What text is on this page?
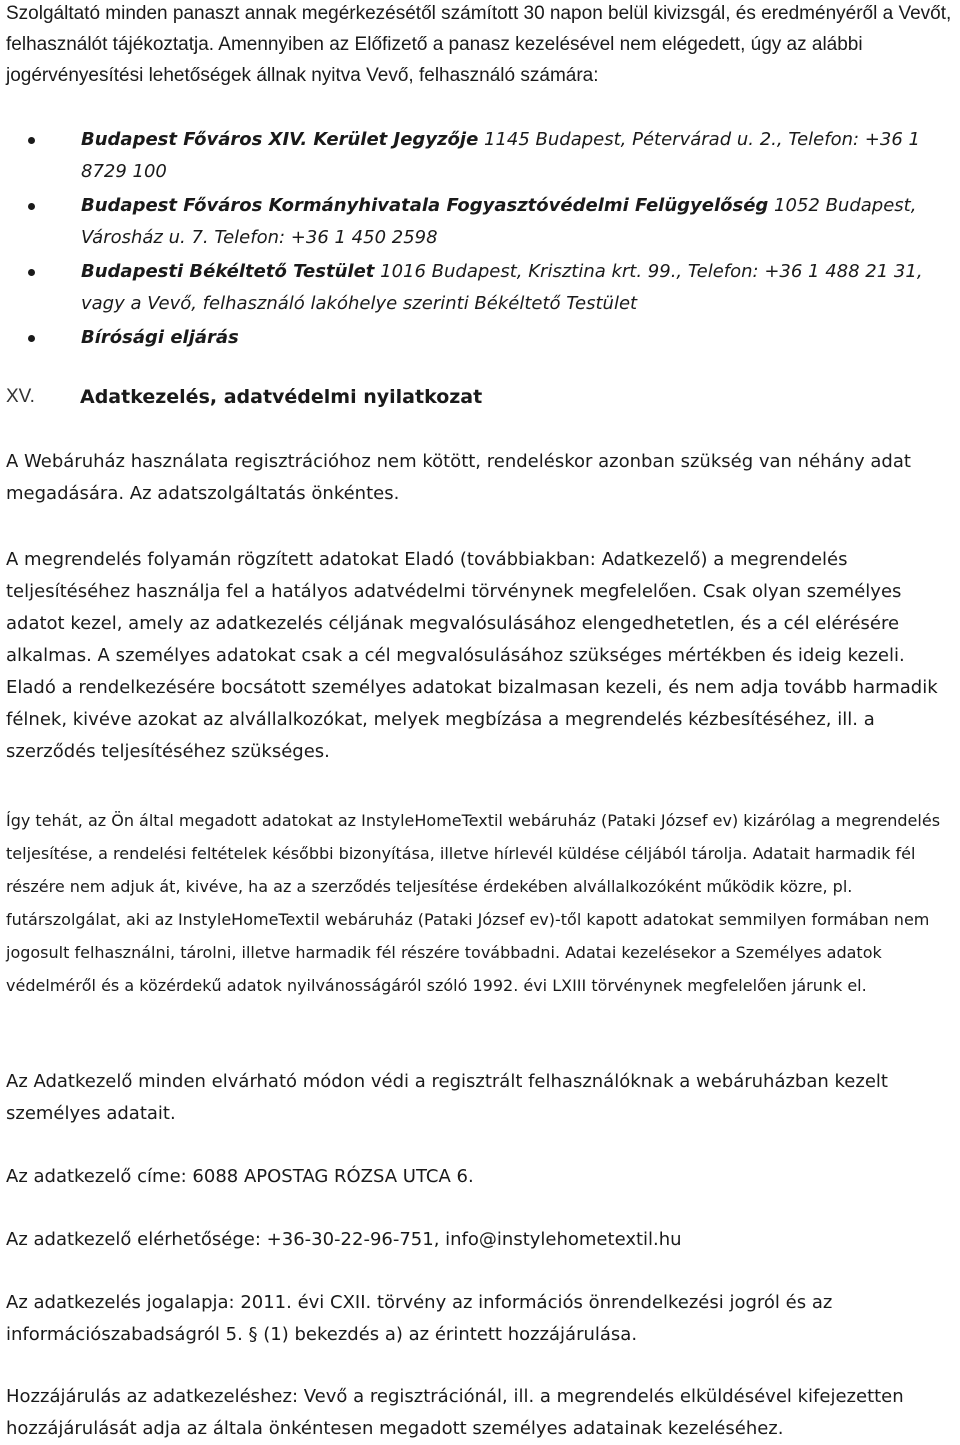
Szolgáltató minden panaszt annak megérkezésétől számított 30 napon belül kivizsgál, és eredményéről a Vevőt, felhasználót tájékoztatja. Amennyiben az Előfizető a panasz kezelésével nem elégedett, úgy az alábbi jogérvényesítési lehetőségek állnak nyitva Vevő, felhasználó számára:

Budapest Főváros XIV. Kerület Jegyzője 1145 Budapest, Pétervárad u. 2., Telefon: +36 1 8729 100
Budapest Főváros Kormányhivatala Fogyasztóvédelmi Felügyelőség 1052 Budapest, Városház u. 7. Telefon: +36 1 450 2598
Budapesti Békéltető Testület 1016 Budapest, Krisztina krt. 99., Telefon: +36 1 488 21 31, vagy a Vevő, felhasználó lakóhelye szerinti Békéltető Testület
Bírósági eljárás
XV. Adatkezelés, adatvédelmi nyilatkozat

A Webáruház használata regisztrációhoz nem kötött, rendeléskor azonban szükség van néhány adat megadására. Az adatszolgáltatás önkéntes.

A megrendelés folyamán rögzített adatokat Eladó (továbbiakban: Adatkezelő) a megrendelés teljesítéséhez használja fel a hatályos adatvédelmi törvénynek megfelelően. Csak olyan személyes adatot kezel, amely az adatkezelés céljának megvalósulásához elengedhetetlen, és a cél elérésére alkalmas. A személyes adatokat csak a cél megvalósulásához szükséges mértékben és ideig kezeli. Eladó a rendelkezésére bocsátott személyes adatokat bizalmasan kezeli, és nem adja tovább harmadik félnek, kivéve azokat az alvállalkozókat, melyek megbízása a megrendelés kézbesítéséhez, ill. a szerződés teljesítéséhez szükséges.

Így tehát, az Ön által megadott adatokat az InstyleHomeTextil webáruház (Pataki József ev) kizárólag a megrendelés teljesítése, a rendelési feltételek későbbi bizonyítása, illetve hírlevél küldése céljából tárolja. Adatait harmadik fél részére nem adjuk át, kivéve, ha az a szerződés teljesítése érdekében alvállalkozóként működik közre, pl. futárszolgálat, aki az InstyleHomeTextil webáruház (Pataki József ev)-től kapott adatokat semmilyen formában nem jogosult felhasználni, tárolni, illetve harmadik fél részére továbbadni. Adatai kezelésekor a Személyes adatok védelméről és a közérdekű adatok nyilvánosságáról szóló 1992. évi LXIII törvénynek megfelelően járunk el.

Az Adatkezelő minden elvárható módon védi a regisztrált felhasználóknak a webáruházban kezelt személyes adatait.

Az adatkezelő címe: 6088 APOSTAG RÓZSA UTCA 6.

Az adatkezelő elérhetősége: +36-30-22-96-751, info@instylehometextil.hu

Az adatkezelés jogalapja: 2011. évi CXII. törvény az információs önrendelkezési jogról és az információszabadságról 5. § (1) bekezdés a) az érintett hozzájárulása.

Hozzájárulás az adatkezeléshez: Vevő a regisztrációnál, ill. a megrendelés elküldésével kifejezetten hozzájárulását adja az általa önkéntesen megadott személyes adatainak kezeléséhez.
